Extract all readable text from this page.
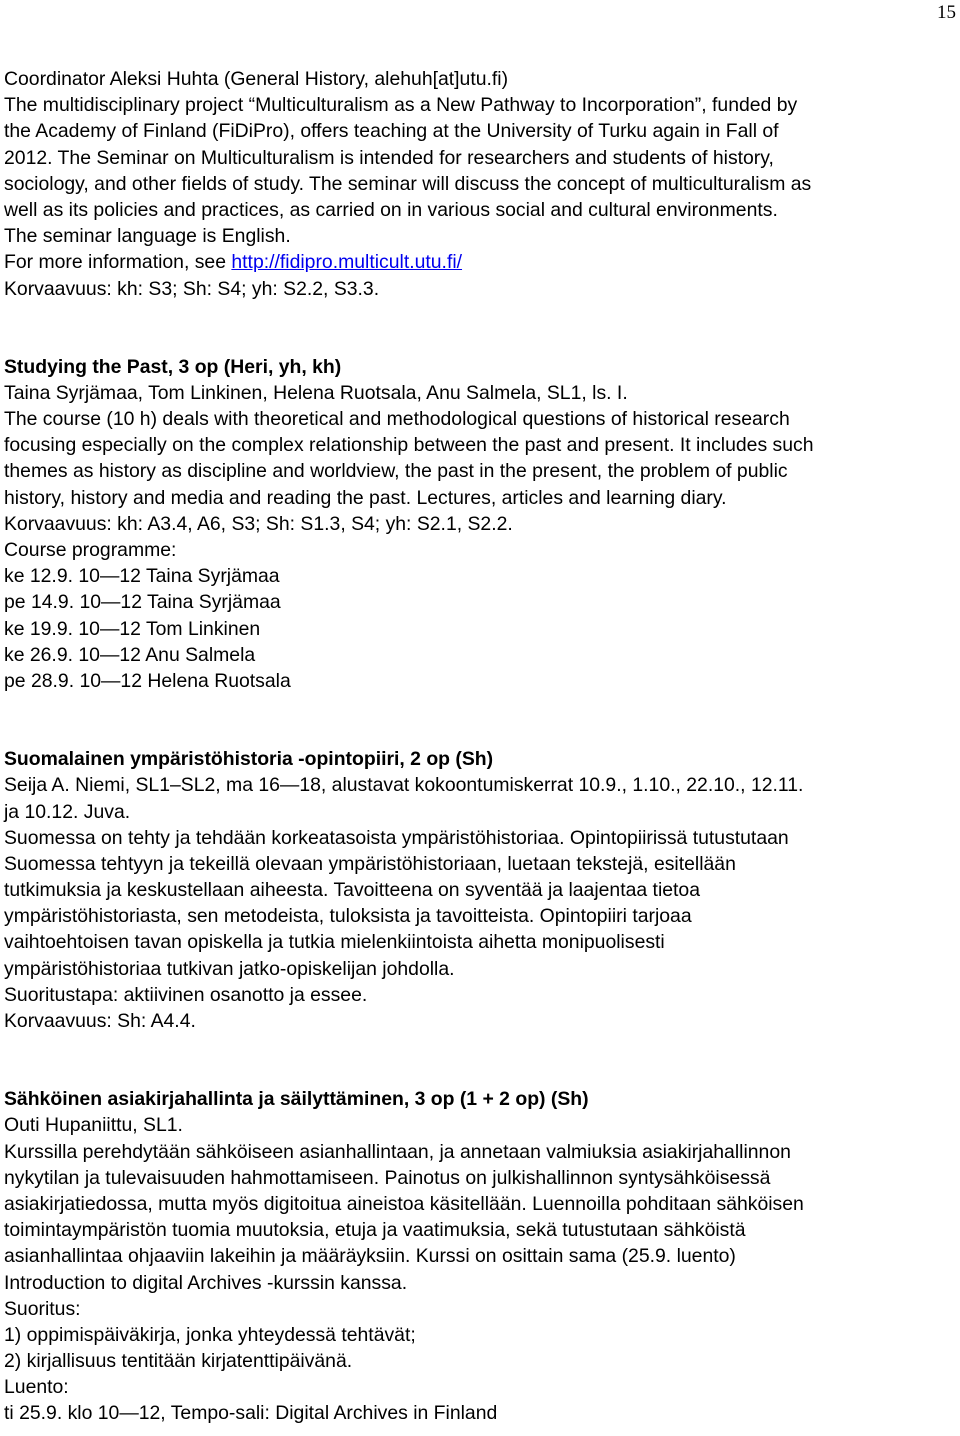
15
Coordinator Aleksi Huhta (General History, alehuh[at]utu.fi)
The multidisciplinary project “Multiculturalism as a New Pathway to Incorporation”, funded by
the Academy of Finland (FiDiPro), offers teaching at the University of Turku again in Fall of
2012. The Seminar on Multiculturalism is intended for researchers and students of history,
sociology, and other fields of study. The seminar will discuss the concept of multiculturalism as
well as its policies and practices, as carried on in various social and cultural environments.
The seminar language is English.
For more information, see http://fidipro.multicult.utu.fi/
Korvaavuus: kh: S3; Sh: S4; yh: S2.2, S3.3.
Studying the Past, 3 op (Heri, yh, kh)
Taina Syrjämaa, Tom Linkinen, Helena Ruotsala, Anu Salmela, SL1, ls. I.
The course (10 h) deals with theoretical and methodological questions of historical research
focusing especially on the complex relationship between the past and present. It includes such
themes as history as discipline and worldview, the past in the present, the problem of public
history, history and media and reading the past. Lectures, articles and learning diary.
Korvaavuus: kh: A3.4, A6, S3; Sh: S1.3, S4; yh: S2.1, S2.2.
Course programme:
ke 12.9. 10—12 Taina Syrjämaa
pe 14.9. 10—12 Taina Syrjämaa
ke 19.9. 10—12 Tom Linkinen
ke 26.9. 10—12 Anu Salmela
pe 28.9. 10—12 Helena Ruotsala
Suomalainen ympäristöhistoria -opintopiiri, 2 op (Sh)
Seija A. Niemi, SL1–SL2, ma 16—18, alustavat kokoontumiskerrat 10.9., 1.10., 22.10., 12.11.
ja 10.12. Juva.
Suomessa on tehty ja tehdään korkeatasoista ympäristöhistoriaa. Opintopiirissä tutustutaan
Suomessa tehtyyn ja tekeillä olevaan ympäristöhistoriaan, luetaan tekstejä, esitellään
tutkimuksia ja keskustellaan aiheesta. Tavoitteena on syventää ja laajentaa tietoa
ympäristöhistoriasta, sen metodeista, tuloksista ja tavoitteista. Opintopiiri tarjoaa
vaihtoehtoisen tavan opiskella ja tutkia mielenkiintoista aihetta monipuolisesti
ympäristöhistoriaa tutkivan jatko-opiskelijan johdolla.
Suoritustapa: aktiivinen osanotto ja essee.
Korvaavuus: Sh: A4.4.
Sähköinen asiakirjahallinta ja säilyttäminen, 3 op (1 + 2 op) (Sh)
Outi Hupaniittu, SL1.
Kurssilla perehdytään sähköiseen asianhallintaan, ja annetaan valmiuksia asiakirjahallinnon
nykytilan ja tulevaisuuden hahmottamiseen. Painotus on julkishallinnon syntysähköisessä
asiakirjatiedossa, mutta myös digitoitua aineistoa käsitellään. Luennoilla pohditaan sähköisen
toimintaympäristön tuomia muutoksia, etuja ja vaatimuksia, sekä tutustutaan sähköistä
asianhallintaa ohjaaviin lakeihin ja määräyksiin. Kurssi on osittain sama (25.9. luento)
Introduction to digital Archives -kurssin kanssa.
Suoritus:
1) oppimispäiväkirja, jonka yhteydessä tehtävät;
2) kirjallisuus tentitään kirjatenttipäivänä.
Luento:
ti 25.9. klo 10—12, Tempo-sali: Digital Archives in Finland
